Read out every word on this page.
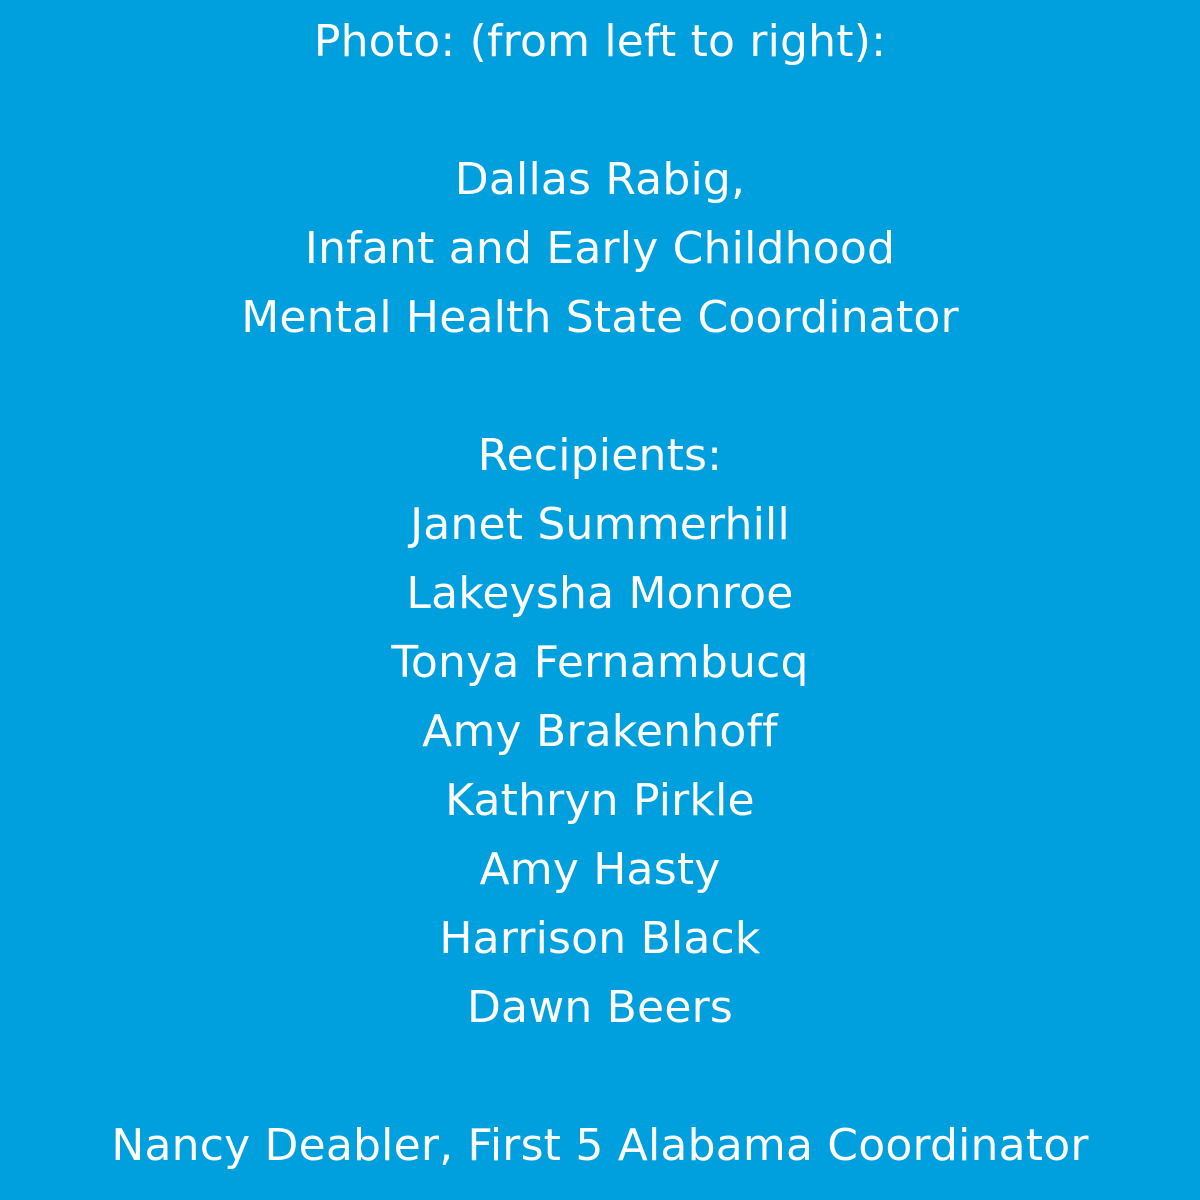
Photo: (from left to right):
Dallas Rabig,
Infant and Early Childhood
Mental Health State Coordinator
Recipients:
Janet Summerhill
Lakeysha Monroe
Tonya Fernambucq
Amy Brakenhoff
Kathryn Pirkle
Amy Hasty
Harrison Black
Dawn Beers
Nancy Deabler, First 5 Alabama Coordinator
